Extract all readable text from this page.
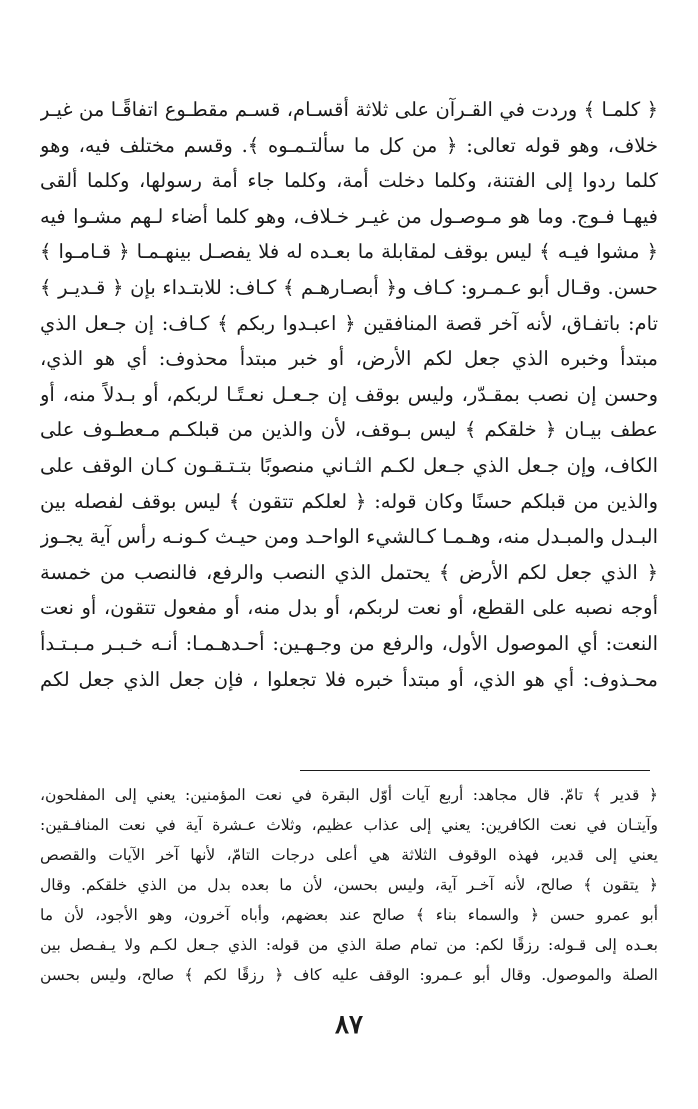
﴿ كلمـا ﴾ وردت في القـرآن على ثلاثة أقسـام، قسـم مقطـوع اتفاقًـا من غيـر
خلاف، وهو قوله تعالى: ﴿ من كل ما سألتـمـوه ﴾. وقسم مختلف فيه، وهو
كلما ردوا إلى الفتنة، وكلما دخلت أمة، وكلما جاء أمة رسولها، وكلما ألقى
فيهـا فـوج. وما هو مـوصـول من غيـر خـلاف، وهو كلما أضاء لـهم مشـوا فيه
﴿ مشوا فيـه ﴾ ليس بوقف لمقابلة ما بعـده له فلا يفصـل بينهـمـا ﴿ قـامـوا ﴾
حسن. وقـال أبو عـمـرو: كـاف و﴿ أبصـارهـم ﴾ كـاف: للابتـداء بإن ﴿ قـديـر ﴾
تام: باتفـاق، لأنه آخر قصة المنافقين ﴿ اعبـدوا ربكم ﴾ كـاف: إن جـعل الذي
مبتدأ وخبره الذي جعل لكم الأرض، أو خبر مبتدأ محذوف: أي هو الذي،
وحسن إن نصب بمقـدّر، وليس بوقف إن جـعـل نعـتًـا لربكم، أو بـدلاً منه، أو
عطف بيـان ﴿ خلقكم ﴾ ليس بـوقف، لأن والذين من قبلكـم مـعطـوف على
الكاف، وإن جـعل الذي جـعل لكـم الثـاني منصوبًا بتـتـقـون كـان الوقف على
والذين من قبلكم حسنًا وكان قوله: ﴿ لعلكم تتقون ﴾ ليس بوقف لفصله بين
البـدل والمبـدل منه، وهـمـا كـالشيء الواحـد ومن حيـث كـونـه رأس آية يجـوز
﴿ الذي جعل لكم الأرض ﴾ يحتمل الذي النصب والرفع، فالنصب من خمسة
أوجه نصبه على القطع، أو نعت لربكم، أو بدل منه، أو مفعول تتقون، أو نعت
النعت: أي الموصول الأول، والرفع من وجـهـين: أحـدهـمـا: أنـه خـبـر مـبـتـدأ
محـذوف: أي هو الذي، أو مبتدأ خبره فلا تجعلوا ، فإن جعل الذي جعل لكم
﴿ قدير ﴾ تامّ. قال مجاهد: أربع آيات أوّل البقرة في نعت المؤمنين: يعني إلى المفلحون،
وآيتـان في نعت الكافرين: يعني إلى عذاب عظيم، وثلاث عـشرة آية في نعت المنافـقين:
يعني إلى قدير، فهذه الوقوف الثلاثة هي أعلى درجات التامّ، لأنها آخر الآيات والقصص
﴿ يتقون ﴾ صالح، لأنه آخـر آية، وليس بحسن، لأن ما بعده بدل من الذي خلقكم. وقال
أبو عمرو حسن ﴿ والسماء بناء ﴾ صالح عند بعضهم، وأباه آخرون، وهو الأجود، لأن ما
بعـده إلى قـوله: رزقًا لكم: من تمام صلة الذي من قوله: الذي جـعل لكـم ولا يـفـصل بين
الصلة والموصول. وقال أبو عـمرو: الوقف عليه كاف ﴿ رزقًا لكم ﴾ صالح، وليس بحسن
٨٧
